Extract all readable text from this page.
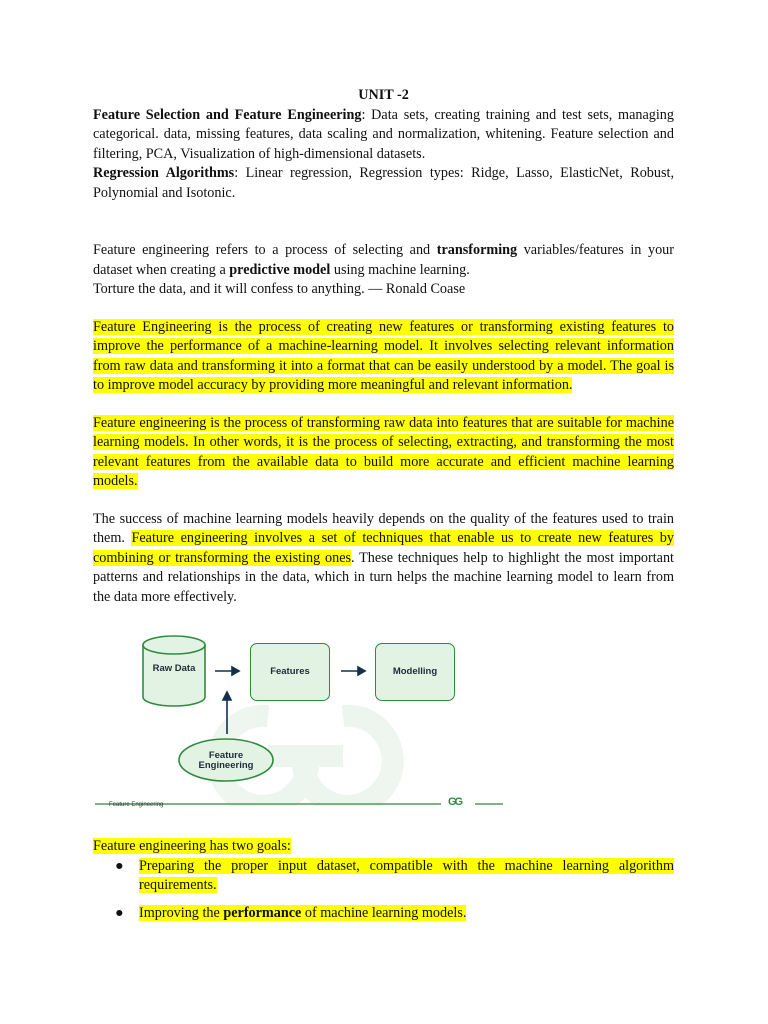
UNIT -2

Feature Selection and Feature Engineering: Data sets, creating training and test sets, managing categorical. data, missing features, data scaling and normalization, whitening. Feature selection and filtering, PCA, Visualization of high-dimensional datasets.

Regression Algorithms: Linear regression, Regression types: Ridge, Lasso, ElasticNet, Robust, Polynomial and Isotonic.

Feature engineering refers to a process of selecting and transforming variables/features in your dataset when creating a predictive model using machine learning.

Torture the data, and it will confess to anything. — Ronald Coase

Feature Engineering is the process of creating new features or transforming existing features to improve the performance of a machine-learning model. It involves selecting relevant information from raw data and transforming it into a format that can be easily understood by a model. The goal is to improve model accuracy by providing more meaningful and relevant information.

Feature engineering is the process of transforming raw data into features that are suitable for machine learning models. In other words, it is the process of selecting, extracting, and transforming the most relevant features from the available data to build more accurate and efficient machine learning models.

The success of machine learning models heavily depends on the quality of the features used to train them. Feature engineering involves a set of techniques that enable us to create new features by combining or transforming the existing ones. These techniques help to highlight the most important patterns and relationships in the data, which in turn helps the machine learning model to learn from the data more effectively.

Raw Data	Features	Modelling
Feature
Engineering
Feature Engineering	GG

Feature engineering has two goals:

● Preparing the proper input dataset, compatible with the machine learning algorithm requirements.
● Improving the performance of machine learning models.
